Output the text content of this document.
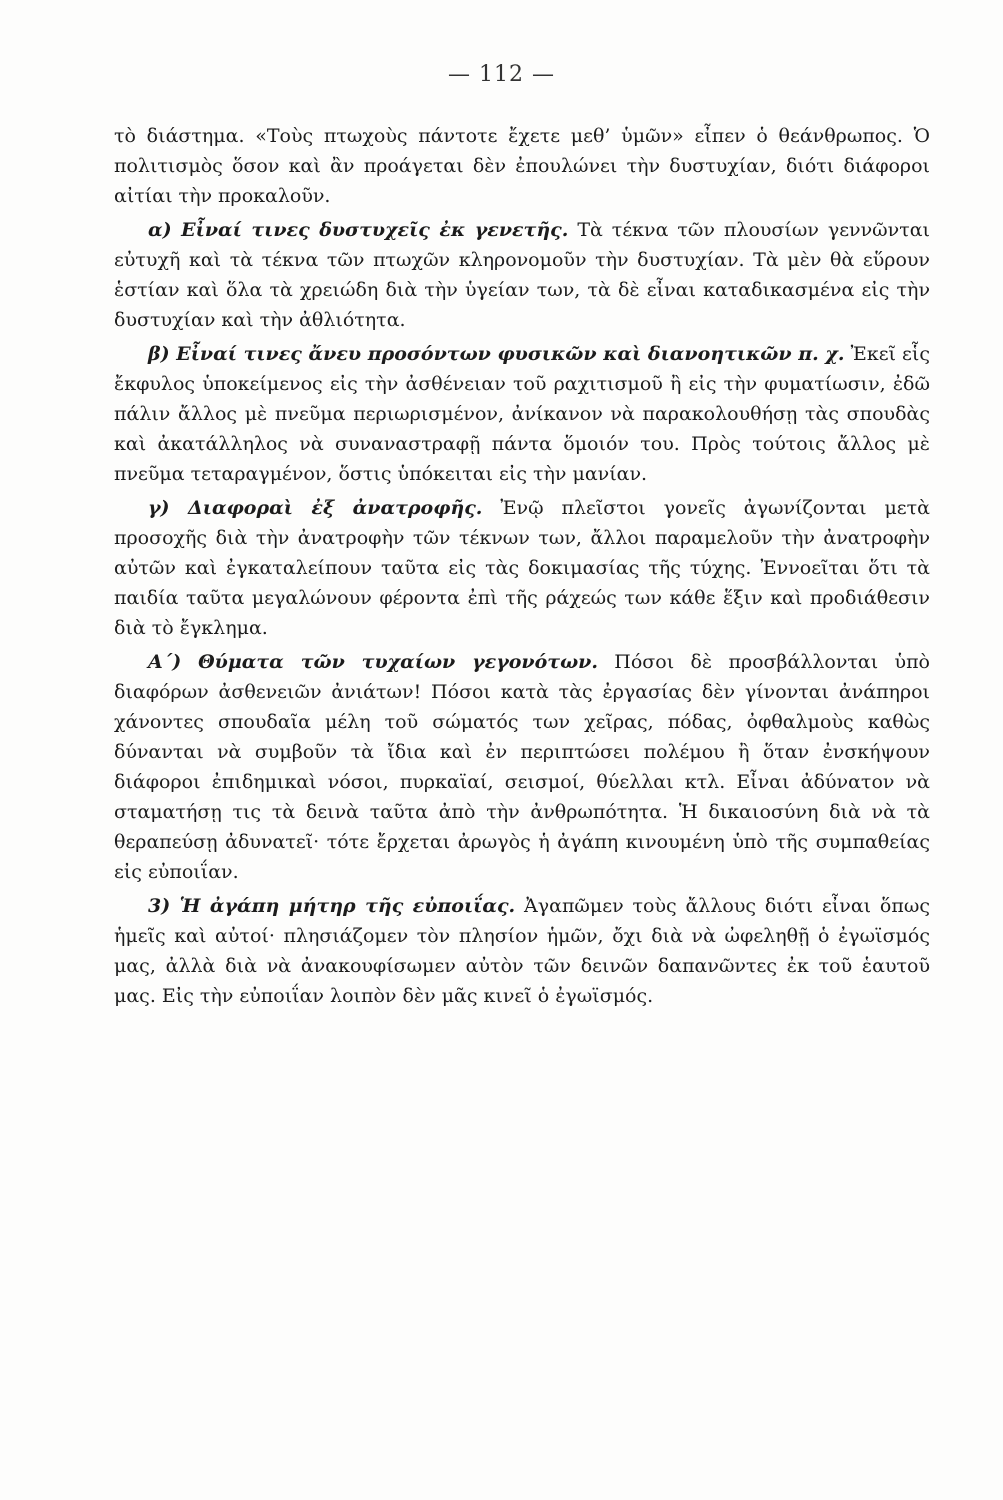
— 112 —

τὸ διάστημα. «Τοὺς πτωχοὺς πάντοτε ἔχετε μεθ’ ὑμῶν» εἶπεν ὁ θεάνθρωπος. Ὁ πολιτισμὸς ὅσον καὶ ἂν προάγεται δὲν ἐπουλώνει τὴν δυστυχίαν, διότι διάφοροι αἰτίαι τὴν προκαλοῦν.

α) Εἶναί τινες δυστυχεῖς ἐκ γενετῆς. Τὰ τέκνα τῶν πλουσίων γεννῶνται εὐτυχῆ καὶ τὰ τέκνα τῶν πτωχῶν κληρονομοῦν τὴν δυστυχίαν. Τὰ μὲν θὰ εὕρουν ἑστίαν καὶ ὅλα τὰ χρειώδη διὰ τὴν ὑγείαν των, τὰ δὲ εἶναι καταδικασμένα εἰς τὴν δυστυχίαν καὶ τὴν ἀθλιότητα.

β) Εἶναί τινες ἄνευ προσόντων φυσικῶν καὶ διανοητικῶν π. χ. Ἐκεῖ εἷς ἔκφυλος ὑποκείμενος εἰς τὴν ἀσθένειαν τοῦ ραχιτισμοῦ ἢ εἰς τὴν φυματίωσιν, ἐδῶ πάλιν ἄλλος μὲ πνεῦμα περιωρισμένον, ἀνίκανον νὰ παρακολουθήσῃ τὰς σπουδὰς καὶ ἀκατάλληλος νὰ συναναστραφῇ πάντα ὅμοιόν του. Πρὸς τούτοις ἄλλος μὲ πνεῦμα τεταραγμένον, ὅστις ὑπόκειται εἰς τὴν μανίαν.

γ) Διαφοραὶ ἐξ ἀνατροφῆς. Ἐνῷ πλεῖστοι γονεῖς ἀγωνίζονται μετὰ προσοχῆς διὰ τὴν ἀνατροφὴν τῶν τέκνων των, ἄλλοι παραμελοῦν τὴν ἀνατροφὴν αὐτῶν καὶ ἐγκαταλείπουν ταῦτα εἰς τὰς δοκιμασίας τῆς τύχης. Ἐννοεῖται ὅτι τὰ παιδία ταῦτα μεγαλώνουν φέροντα ἐπὶ τῆς ράχεώς των κάθε ἕξιν καὶ προδιάθεσιν διὰ τὸ ἔγκλημα.

Α΄) Θύματα τῶν τυχαίων γεγονότων. Πόσοι δὲ προσβάλλονται ὑπὸ διαφόρων ἀσθενειῶν ἀνιάτων! Πόσοι κατὰ τὰς ἐργασίας δὲν γίνονται ἀνάπηροι χάνοντες σπουδαῖα μέλη τοῦ σώματός των χεῖρας, πόδας, ὀφθαλμοὺς καθὼς δύνανται νὰ συμβοῦν τὰ ἴδια καὶ ἐν περιπτώσει πολέμου ἢ ὅταν ἐνσκήψουν διάφοροι ἐπιδημικαὶ νόσοι, πυρκαϊαί, σεισμοί, θύελλαι κτλ. Εἶναι ἀδύνατον νὰ σταματήσῃ τις τὰ δεινὰ ταῦτα ἀπὸ τὴν ἀνθρωπότητα. Ἡ δικαιοσύνη διὰ νὰ τὰ θεραπεύσῃ ἀδυνατεῖ· τότε ἔρχεται ἀρωγὸς ἡ ἀγάπη κινουμένη ὑπὸ τῆς συμπαθείας εἰς εὐποιΐαν.

3) Ἡ ἀγάπη μήτηρ τῆς εὐποιΐας. Ἀγαπῶμεν τοὺς ἄλλους διότι εἶναι ὅπως ἡμεῖς καὶ αὐτοί· πλησιάζομεν τὸν πλησίον ἡμῶν, ὄχι διὰ νὰ ὠφεληθῇ ὁ ἐγωϊσμός μας, ἀλλὰ διὰ νὰ ἀνακουφίσωμεν αὐτὸν τῶν δεινῶν δαπανῶντες ἐκ τοῦ ἑαυτοῦ μας. Εἰς τὴν εὐποιΐαν λοιπὸν δὲν μᾶς κινεῖ ὁ ἐγωϊσμός.
